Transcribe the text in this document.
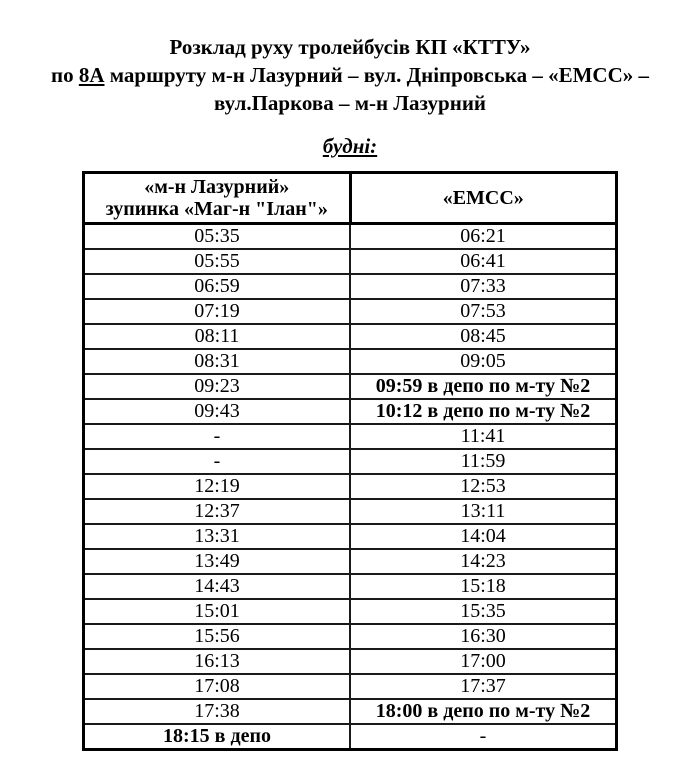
Розклад руху тролейбусів КП «КТТУ»
по 8А маршруту м-н Лазурний – вул. Дніпровська – «ЕМСС» –
вул.Паркова – м-н Лазурний
будні:
«м-н Лазурний»
зупинка «Маг-н "Ілан"»	«ЕМСС»

05:35	06:21
05:55	06:41
06:59	07:33
07:19	07:53
08:11	08:45
08:31	09:05
09:23	09:59 в депо по м-ту №2
09:43	10:12 в депо по м-ту №2
-	11:41
-	11:59
12:19	12:53
12:37	13:11
13:31	14:04
13:49	14:23
14:43	15:18
15:01	15:35
15:56	16:30
16:13	17:00
17:08	17:37
17:38	18:00 в депо по м-ту №2
18:15 в депо	-
